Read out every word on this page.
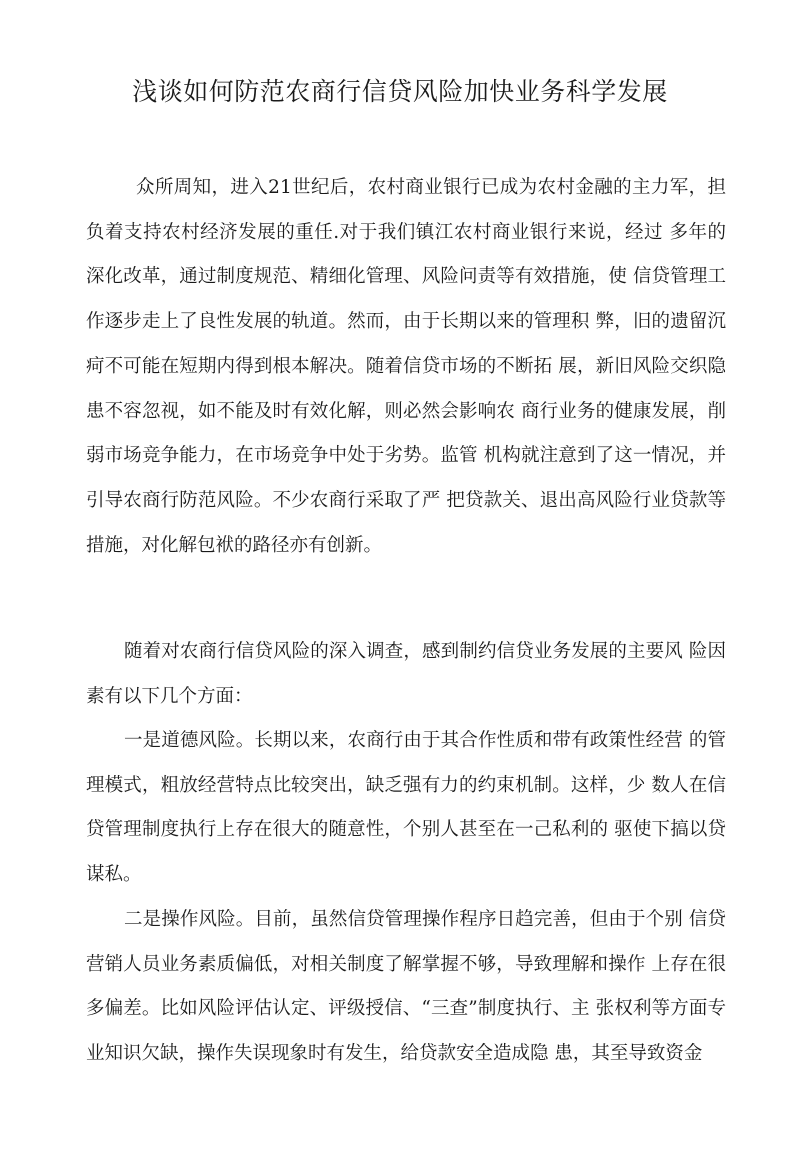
浅谈如何防范农商行信贷风险加快业务科学发展

众所周知，进入21世纪后，农村商业银行已成为农村金融的主力军，担负着支持农村经济发展的重任.对于我们镇江农村商业银行来说，经过 多年的深化改革，通过制度规范、精细化管理、风险问责等有效措施，使 信贷管理工作逐步走上了良性发展的轨道。然而，由于长期以来的管理积 弊，旧的遗留沉疴不可能在短期内得到根本解决。随着信贷市场的不断拓 展，新旧风险交织隐患不容忽视，如不能及时有效化解，则必然会影响农 商行业务的健康发展，削弱市场竞争能力，在市场竞争中处于劣势。监管 机构就注意到了这一情况，并引导农商行防范风险。不少农商行采取了严 把贷款关、退出高风险行业贷款等措施，对化解包袱的路径亦有创新。

随着对农商行信贷风险的深入调查，感到制约信贷业务发展的主要风 险因素有以下几个方面：

一是道德风险。长期以来，农商行由于其合作性质和带有政策性经营 的管理模式，粗放经营特点比较突出，缺乏强有力的约束机制。这样，少 数人在信贷管理制度执行上存在很大的随意性，个别人甚至在一己私利的 驱使下搞以贷谋私。

二是操作风险。目前，虽然信贷管理操作程序日趋完善，但由于个别 信贷营销人员业务素质偏低，对相关制度了解掌握不够，导致理解和操作 上存在很多偏差。比如风险评估认定、评级授信、“三查”制度执行、主 张权利等方面专业知识欠缺，操作失误现象时有发生，给贷款安全造成隐 患，其至导致资金
